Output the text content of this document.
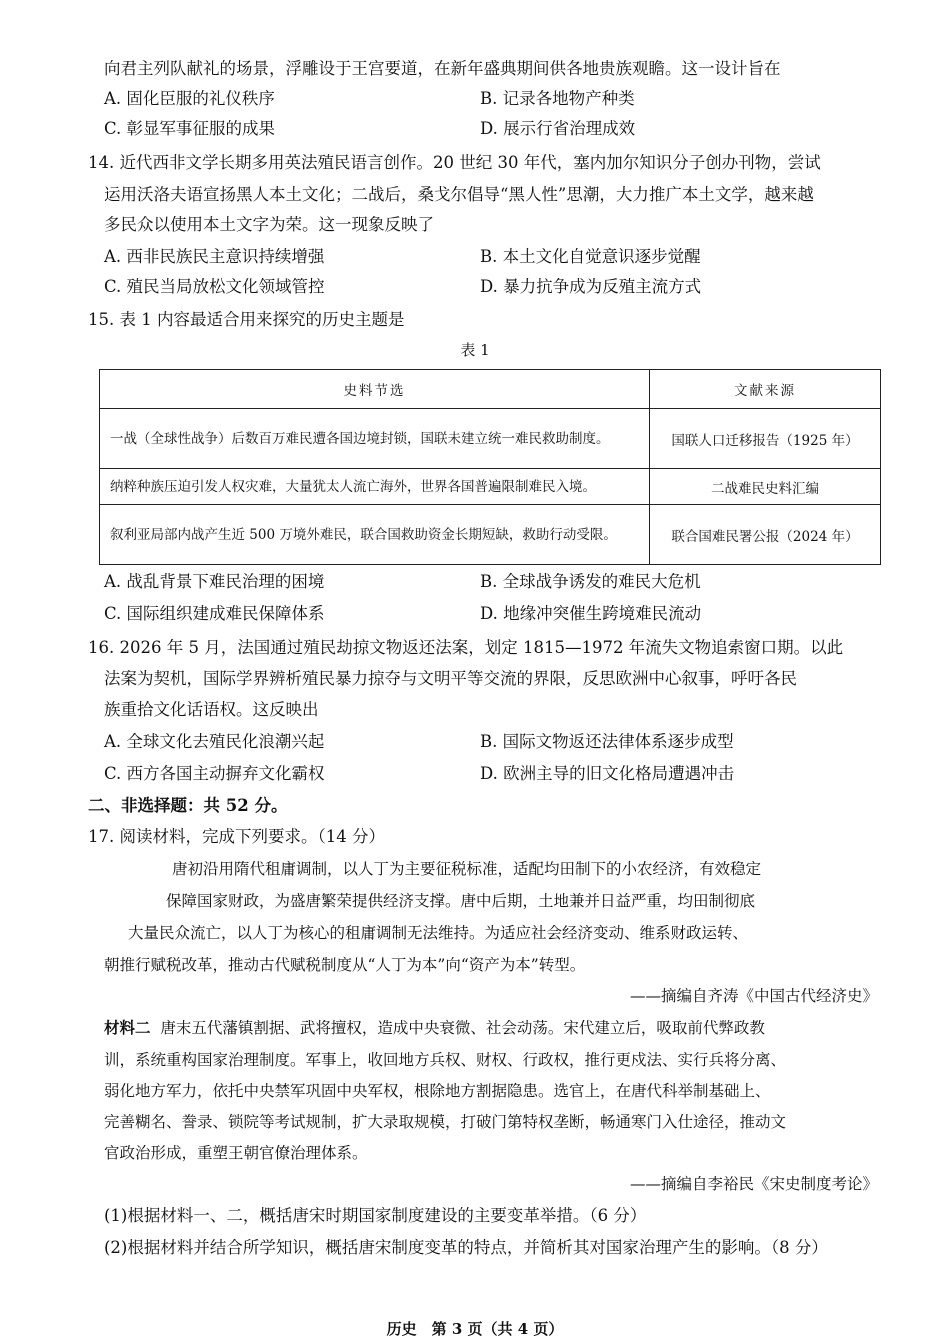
向君主列队献礼的场景，浮雕设于王宫要道，在新年盛典期间供各地贵族观瞻。这一设计旨在
A. 固化臣服的礼仪秩序	B. 记录各地物产种类
C. 彰显军事征服的成果	D. 展示行省治理成效
14. 近代西非文学长期多用英法殖民语言创作。20 世纪 30 年代，塞内加尔知识分子创办刊物，尝试
运用沃洛夫语宣扬黑人本土文化；二战后，桑戈尔倡导“黑人性”思潮，大力推广本土文学，越来越
多民众以使用本土文字为荣。这一现象反映了
A. 西非民族民主意识持续增强	B. 本土文化自觉意识逐步觉醒
C. 殖民当局放松文化领域管控	D. 暴力抗争成为反殖主流方式
15. 表 1 内容最适合用来探究的历史主题是
表 1
史料节选	文献来源
一战（全球性战争）后数百万难民遭各国边境封锁，国联未建立统一难民救助制度。	国联人口迁移报告（1925 年）
纳粹种族压迫引发人权灾难，大量犹太人流亡海外，世界各国普遍限制难民入境。	二战难民史料汇编
叙利亚局部内战产生近 500 万境外难民，联合国救助资金长期短缺，救助行动受限。	联合国难民署公报（2024 年）
A. 战乱背景下难民治理的困境	B. 全球战争诱发的难民大危机
C. 国际组织建成难民保障体系	D. 地缘冲突催生跨境难民流动
16. 2026 年 5 月，法国通过殖民劫掠文物返还法案，划定 1815—1972 年流失文物追索窗口期。以此
法案为契机，国际学界辨析殖民暴力掠夺与文明平等交流的界限，反思欧洲中心叙事，呼吁各民
族重拾文化话语权。这反映出
A. 全球文化去殖民化浪潮兴起	B. 国际文物返还法律体系逐步成型
C. 西方各国主动摒弃文化霸权	D. 欧洲主导的旧文化格局遭遇冲击
二、非选择题：共 52 分。
17. 阅读材料，完成下列要求。（14 分）
唐初沿用隋代租庸调制，以人丁为主要征税标准，适配均田制下的小农经济，有效稳定
保障国家财政，为盛唐繁荣提供经济支撑。唐中后期，土地兼并日益严重，均田制彻底
大量民众流亡，以人丁为核心的租庸调制无法维持。为适应社会经济变动、维系财政运转、
朝推行赋税改革，推动古代赋税制度从“人丁为本”向“资产为本”转型。
——摘编自齐涛《中国古代经济史》
材料二 唐末五代藩镇割据、武将擅权，造成中央衰微、社会动荡。宋代建立后，吸取前代弊政教
训，系统重构国家治理制度。军事上，收回地方兵权、财权、行政权，推行更戍法、实行兵将分离、
弱化地方军力，依托中央禁军巩固中央军权，根除地方割据隐患。选官上，在唐代科举制基础上、
完善糊名、誊录、锁院等考试规制，扩大录取规模，打破门第特权垄断，畅通寒门入仕途径，推动文
官政治形成，重塑王朝官僚治理体系。
——摘编自李裕民《宋史制度考论》
(1)根据材料一、二，概括唐宋时期国家制度建设的主要变革举措。（6 分）
(2)根据材料并结合所学知识，概括唐宋制度变革的特点，并简析其对国家治理产生的影响。（8 分）
历史　第 3 页（共 4 页）
